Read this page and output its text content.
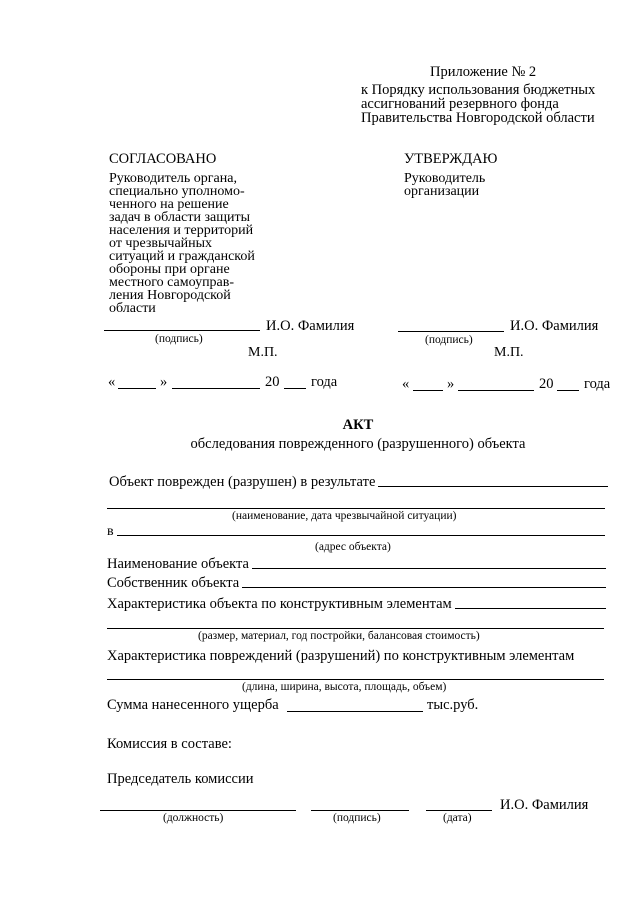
Приложение № 2
к Порядку использования бюджетных
ассигнований резервного фонда
Правительства Новгородской области
СОГЛАСОВАНО
Руководитель органа,
специально уполномо-
ченного на решение
задач в области защиты
населения и территорий
от чрезвычайных
ситуаций и гражданской
обороны при органе
местного самоуправ-
ления Новгородской
области
УТВЕРЖДАЮ
Руководитель
организации
И.О. Фамилия
(подпись)
М.П.
И.О. Фамилия
(подпись)
М.П.
«	»	20 года	«	»	20 года
АКТ
обследования поврежденного (разрушенного) объекта
Объект поврежден (разрушен) в результате
(наименование, дата чрезвычайной ситуации)
в
(адрес объекта)
Наименование объекта
Собственник объекта
Характеристика объекта по конструктивным элементам
(размер, материал, год постройки, балансовая стоимость)
Характеристика повреждений (разрушений) по конструктивным элементам
(длина, ширина, высота, площадь, объем)
Сумма нанесенного ущерба	тыс.руб.
Комиссия в составе:
Председатель комиссии
И.О. Фамилия
(должность)	(подпись)	(дата)
